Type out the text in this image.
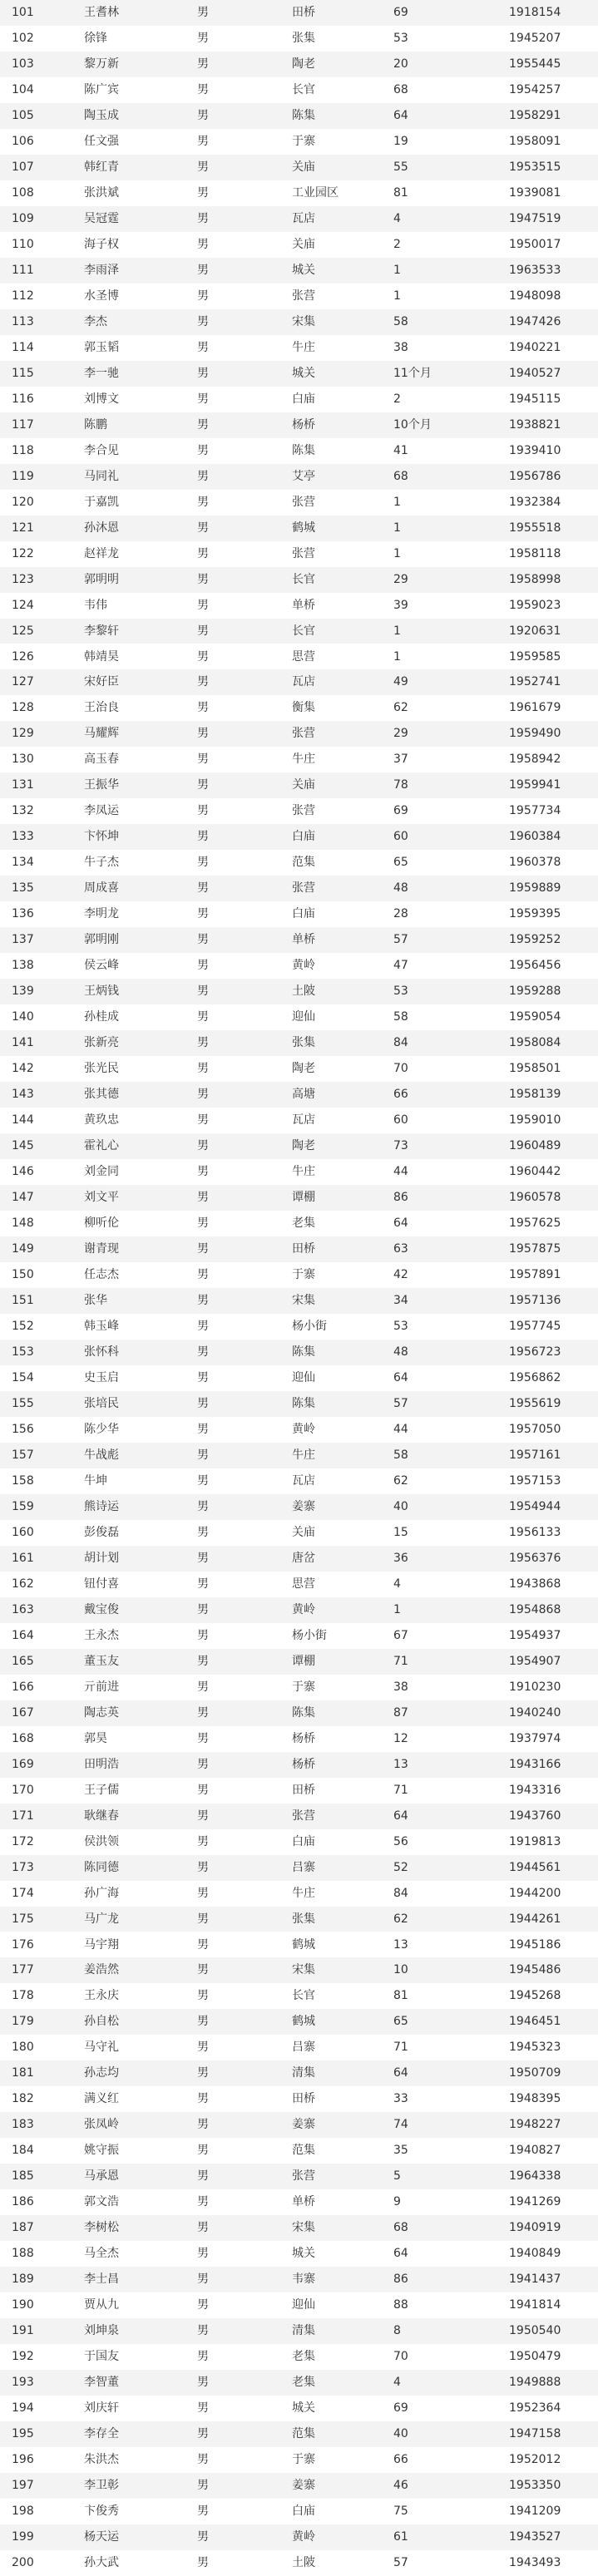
101	王耆林	男	田桥	69	1918154
102	徐锋	男	张集	53	1945207
103	黎万新	男	陶老	20	1955445
104	陈广宾	男	长官	68	1954257
105	陶玉成	男	陈集	64	1958291
106	任文强	男	于寨	19	1958091
107	韩红青	男	关庙	55	1953515
108	张洪斌	男	工业园区	81	1939081
109	吴冠霆	男	瓦店	4	1947519
110	海子权	男	关庙	2	1950017
111	李雨泽	男	城关	1	1963533
112	水圣博	男	张营	1	1948098
113	李杰	男	宋集	58	1947426
114	郭玉韬	男	牛庄	38	1940221
115	李一驰	男	城关	11个月	1940527
116	刘博文	男	白庙	2	1945115
117	陈鹏	男	杨桥	10个月	1938821
118	李合见	男	陈集	41	1939410
119	马同礼	男	艾亭	68	1956786
120	于嘉凯	男	张营	1	1932384
121	孙沐恩	男	鹤城	1	1955518
122	赵祥龙	男	张营	1	1958118
123	郭明明	男	长官	29	1958998
124	韦伟	男	单桥	39	1959023
125	李黎轩	男	长官	1	1920631
126	韩靖昊	男	思营	1	1959585
127	宋好臣	男	瓦店	49	1952741
128	王治良	男	衡集	62	1961679
129	马耀辉	男	张营	29	1959490
130	高玉春	男	牛庄	37	1958942
131	王振华	男	关庙	78	1959941
132	李凤运	男	张营	69	1957734
133	卞怀坤	男	白庙	60	1960384
134	牛子杰	男	范集	65	1960378
135	周成喜	男	张营	48	1959889
136	李明龙	男	白庙	28	1959395
137	郭明刚	男	单桥	57	1959252
138	侯云峰	男	黄岭	47	1956456
139	王炳钱	男	土陂	53	1959288
140	孙桂成	男	迎仙	58	1959054
141	张新亮	男	张集	84	1958084
142	张光民	男	陶老	70	1958501
143	张其德	男	高塘	66	1958139
144	黄玖忠	男	瓦店	60	1959010
145	霍礼心	男	陶老	73	1960489
146	刘金同	男	牛庄	44	1960442
147	刘文平	男	谭棚	86	1960578
148	柳听伦	男	老集	64	1957625
149	谢青现	男	田桥	63	1957875
150	任志杰	男	于寨	42	1957891
151	张华	男	宋集	34	1957136
152	韩玉峰	男	杨小街	53	1957745
153	张怀科	男	陈集	48	1956723
154	史玉启	男	迎仙	64	1956862
155	张培民	男	陈集	57	1955619
156	陈少华	男	黄岭	44	1957050
157	牛战彪	男	牛庄	58	1957161
158	牛坤	男	瓦店	62	1957153
159	熊诗运	男	姜寨	40	1954944
160	彭俊磊	男	关庙	15	1956133
161	胡计划	男	唐岔	36	1956376
162	钮付喜	男	思营	4	1943868
163	戴宝俊	男	黄岭	1	1954868
164	王永杰	男	杨小街	67	1954937
165	董玉友	男	谭棚	71	1954907
166	亓前进	男	于寨	38	1910230
167	陶志英	男	陈集	87	1940240
168	郭昊	男	杨桥	12	1937974
169	田明浩	男	杨桥	13	1943166
170	王子儒	男	田桥	71	1943316
171	耿继春	男	张营	64	1943760
172	侯洪领	男	白庙	56	1919813
173	陈同德	男	吕寨	52	1944561
174	孙广海	男	牛庄	84	1944200
175	马广龙	男	张集	62	1944261
176	马宇翔	男	鹤城	13	1945186
177	姜浩然	男	宋集	10	1945486
178	王永庆	男	长官	81	1945268
179	孙自松	男	鹤城	65	1946451
180	马守礼	男	吕寨	71	1945323
181	孙志均	男	清集	64	1950709
182	满义红	男	田桥	33	1948395
183	张凤岭	男	姜寨	74	1948227
184	姚守振	男	范集	35	1940827
185	马承恩	男	张营	5	1964338
186	郭文浩	男	单桥	9	1941269
187	李树松	男	宋集	68	1940919
188	马全杰	男	城关	64	1940849
189	李士昌	男	韦寨	86	1941437
190	贾从九	男	迎仙	88	1941814
191	刘坤泉	男	清集	8	1950540
192	于国友	男	老集	70	1950479
193	李智董	男	老集	4	1949888
194	刘庆轩	男	城关	69	1952364
195	李存全	男	范集	40	1947158
196	朱洪杰	男	于寨	66	1952012
197	李卫彰	男	姜寨	46	1953350
198	卞俊秀	男	白庙	75	1941209
199	杨天运	男	黄岭	61	1943527
200	孙大武	男	土陂	57	1943493
